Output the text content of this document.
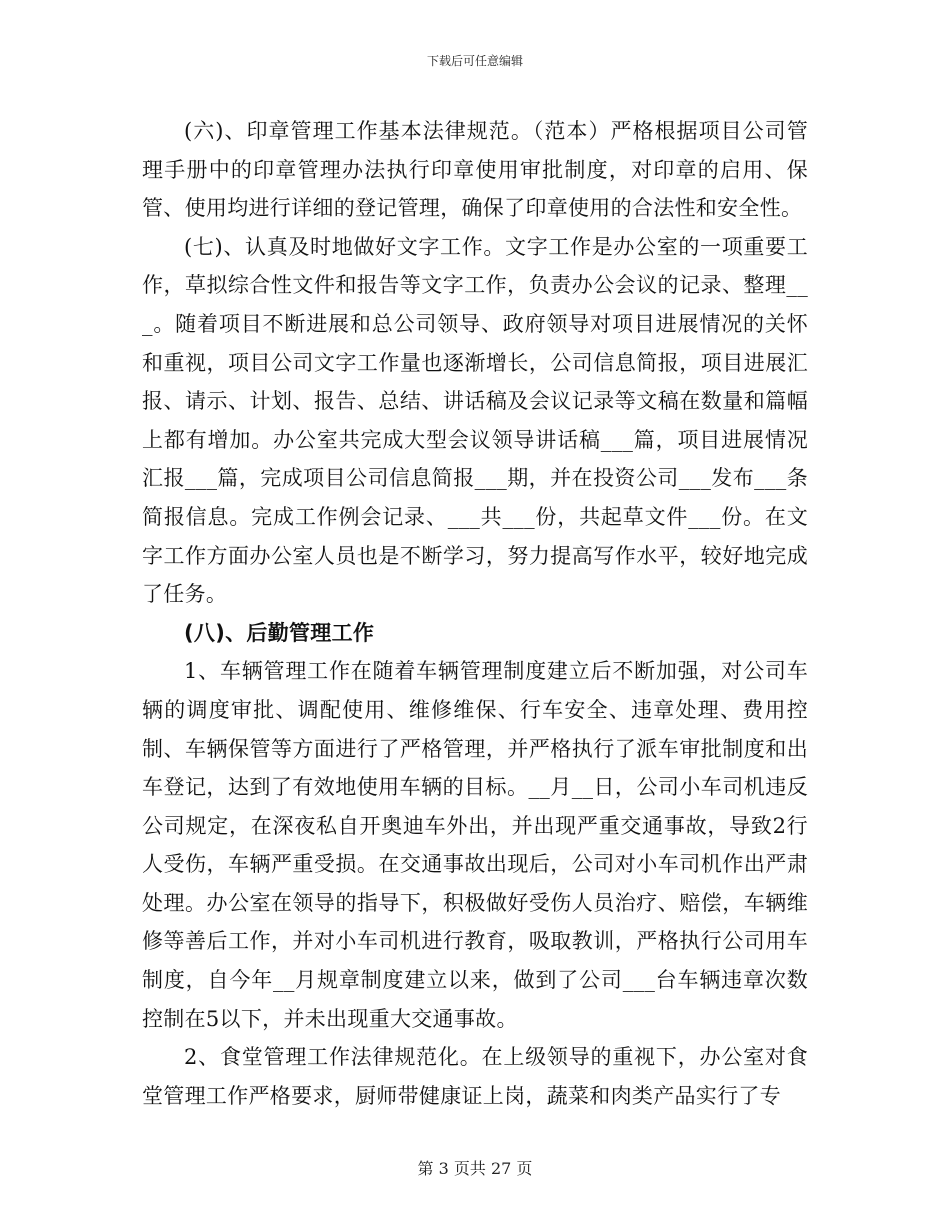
下载后可任意编辑

(六)、印章管理工作基本法律规范。（范本）严格根据项目公司管理手册中的印章管理办法执行印章使用审批制度，对印章的启用、保管、使用均进行详细的登记管理，确保了印章使用的合法性和安全性。

(七)、认真及时地做好文字工作。文字工作是办公室的一项重要工作，草拟综合性文件和报告等文字工作，负责办公会议的记录、整理___。随着项目不断进展和总公司领导、政府领导对项目进展情况的关怀和重视，项目公司文字工作量也逐渐增长，公司信息简报，项目进展汇报、请示、计划、报告、总结、讲话稿及会议记录等文稿在数量和篇幅上都有增加。办公室共完成大型会议领导讲话稿___篇，项目进展情况汇报___篇，完成项目公司信息简报___期，并在投资公司___发布___条简报信息。完成工作例会记录、___共___份，共起草文件___份。在文字工作方面办公室人员也是不断学习，努力提高写作水平，较好地完成了任务。

(八)、后勤管理工作

1、车辆管理工作在随着车辆管理制度建立后不断加强，对公司车辆的调度审批、调配使用、维修维保、行车安全、违章处理、费用控制、车辆保管等方面进行了严格管理，并严格执行了派车审批制度和出车登记，达到了有效地使用车辆的目标。__月__日，公司小车司机违反公司规定，在深夜私自开奥迪车外出，并出现严重交通事故，导致2行人受伤，车辆严重受损。在交通事故出现后，公司对小车司机作出严肃处理。办公室在领导的指导下，积极做好受伤人员治疗、赔偿，车辆维修等善后工作，并对小车司机进行教育，吸取教训，严格执行公司用车制度，自今年__月规章制度建立以来，做到了公司___台车辆违章次数控制在5以下，并未出现重大交通事故。

2、食堂管理工作法律规范化。在上级领导的重视下，办公室对食堂管理工作严格要求，厨师带健康证上岗，蔬菜和肉类产品实行了专

第 3 页共 27 页
